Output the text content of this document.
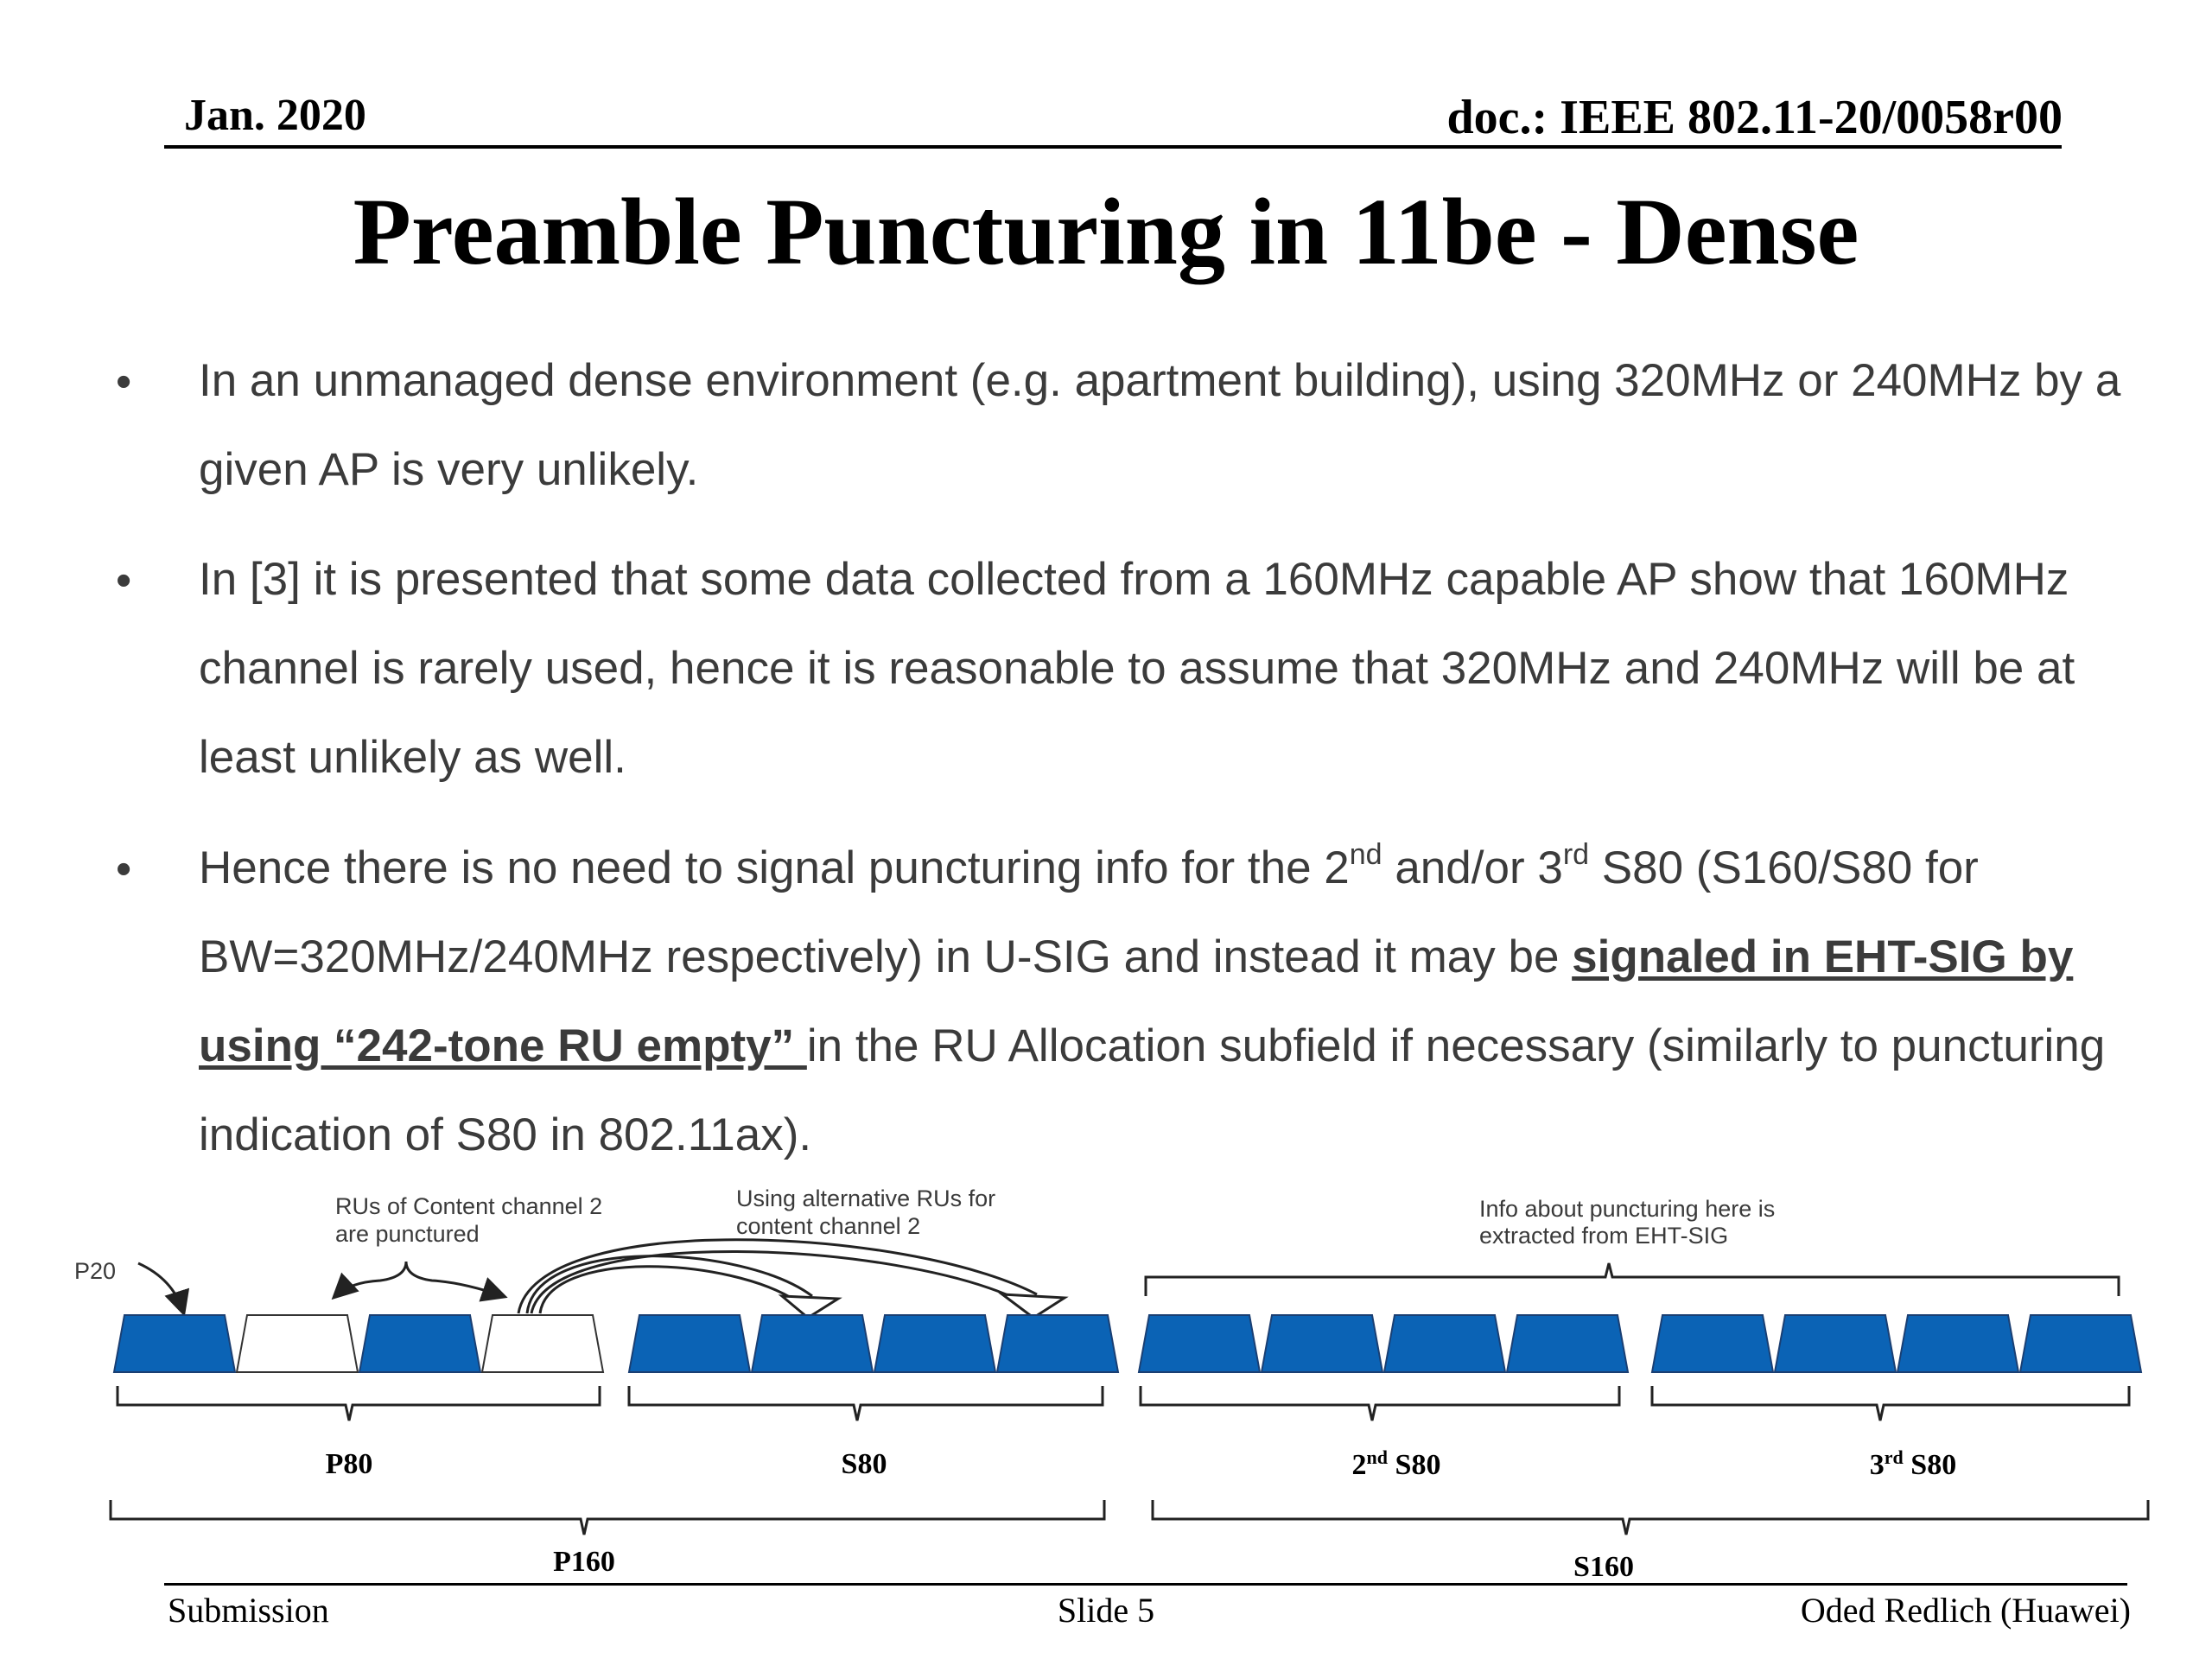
Jan. 2020	doc.: IEEE 802.11-20/0058r00
Preamble Puncturing in 11be - Dense
• In an unmanaged dense environment (e.g. apartment building), using 320MHz or 240MHz by a given AP is very unlikely.
• In [3] it is presented that some data collected from a 160MHz capable AP show that 160MHz channel is rarely used, hence it is reasonable to assume that 320MHz and 240MHz will be at least unlikely as well.
• Hence there is no need to signal puncturing info for the 2nd and/or 3rd S80 (S160/S80 for BW=320MHz/240MHz respectively) in U-SIG and instead it may be signaled in EHT-SIG by using “242-tone RU empty” in the RU Allocation subfield if necessary (similarly to puncturing indication of S80 in 802.11ax).
RUs of Content channel 2
are punctured
Using alternative RUs for
content channel 2
Info about puncturing here is
extracted from EHT-SIG
P20
P80	S80	2nd S80	3rd S80
P160	S160
Submission	Slide 5	Oded Redlich (Huawei)
